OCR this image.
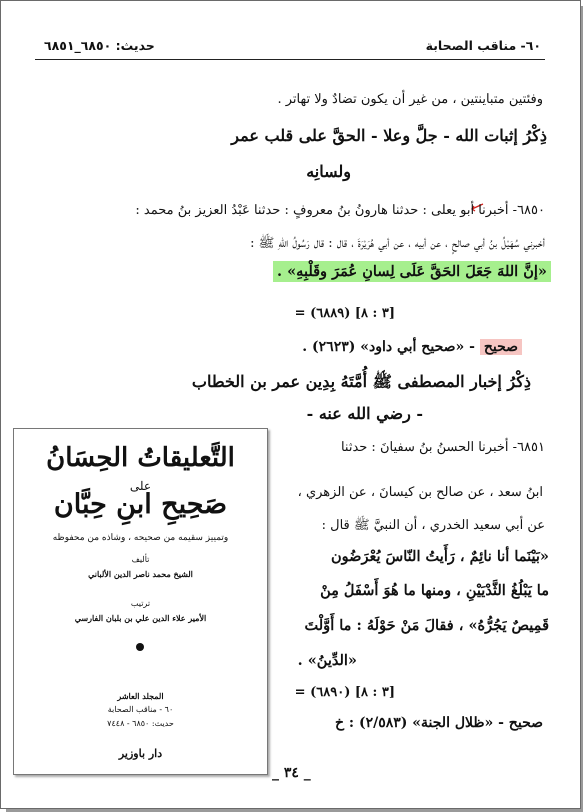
٦٠- مناقب الصحابة
حديث: ٦٨٥٠_٦٨٥١
وفئتين متباينتين ، من غير أن يكون تضادٌ ولا تهاتر .
ذِكْرُ إثبات الله - جلَّ وعلا - الحقَّ على قلب عمر
ولسانِه
٦٨٥٠- أخبرنا أبو يعلى : حدثنا هارونُ بنُ معروفٍ : حدثنا عَبْدُ العزيز بنُ محمد :
أخبرني سُهَيْلُ بنُ أبي صالحٍ ، عن أبيه ، عن أبي هُرَيْرَةَ ، قال : قال رَسُولُ اللهِ ﷺ :
«إنَّ اللهَ جَعَلَ الحَقَّ عَلَى لِسانِ عُمَرَ وقَلْبِهِ» .
= (٦٨٨٩) [٣ : ٨]
صحيح - «صحيح أبي داود» (٢٦٢٣) .
ذِكْرُ إخبار المصطفى ﷺ أُمَّتَهُ بِدِين عمر بن الخطاب
- رضي الله عنه -
٦٨٥١- أخبرنا الحسنُ بنُ سفيانَ : حدثنا
ابنُ سعد ، عن صالح بن كيسانَ ، عن الزهري ،
عن أبي سعيد الخدري ، أن النبيَّ ﷺ قال :
«بَيْنَما أنا نائِمٌ ، رَأَيتُ النّاسَ يُعْرَضُون
ما يَبْلُغُ الثَّدْيَيْنِ ، ومنها ما هُوَ أَسْفَلُ مِنْ
قَمِيصٌ يَجُرُّهُ» ، فقالَ مَنْ حَوْلَهُ : ما أَوَّلْتَ
«الدِّينُ» .
= (٦٨٩٠) [٣ : ٨]
صحيح - «ظلال الجنة» (٢/٥٨٣) : خ
_ ٣٤ _
التَّعليقاتُ الحِسَانُ
على
صَحِيحِ ابنِ حِبَّان
وتمييز سقيمه من صحيحه ، وشاذه من محفوظه
تأليف
الشيخ محمد ناصر الدين الألباني
ترتيب
الأمير علاء الدين علي بن بلبان الفارسي
المجلد العاشر
٦٠ - مناقب الصحابة
حديث: ٦٨٥٠ - ٧٤٤٨
دار باوزير
